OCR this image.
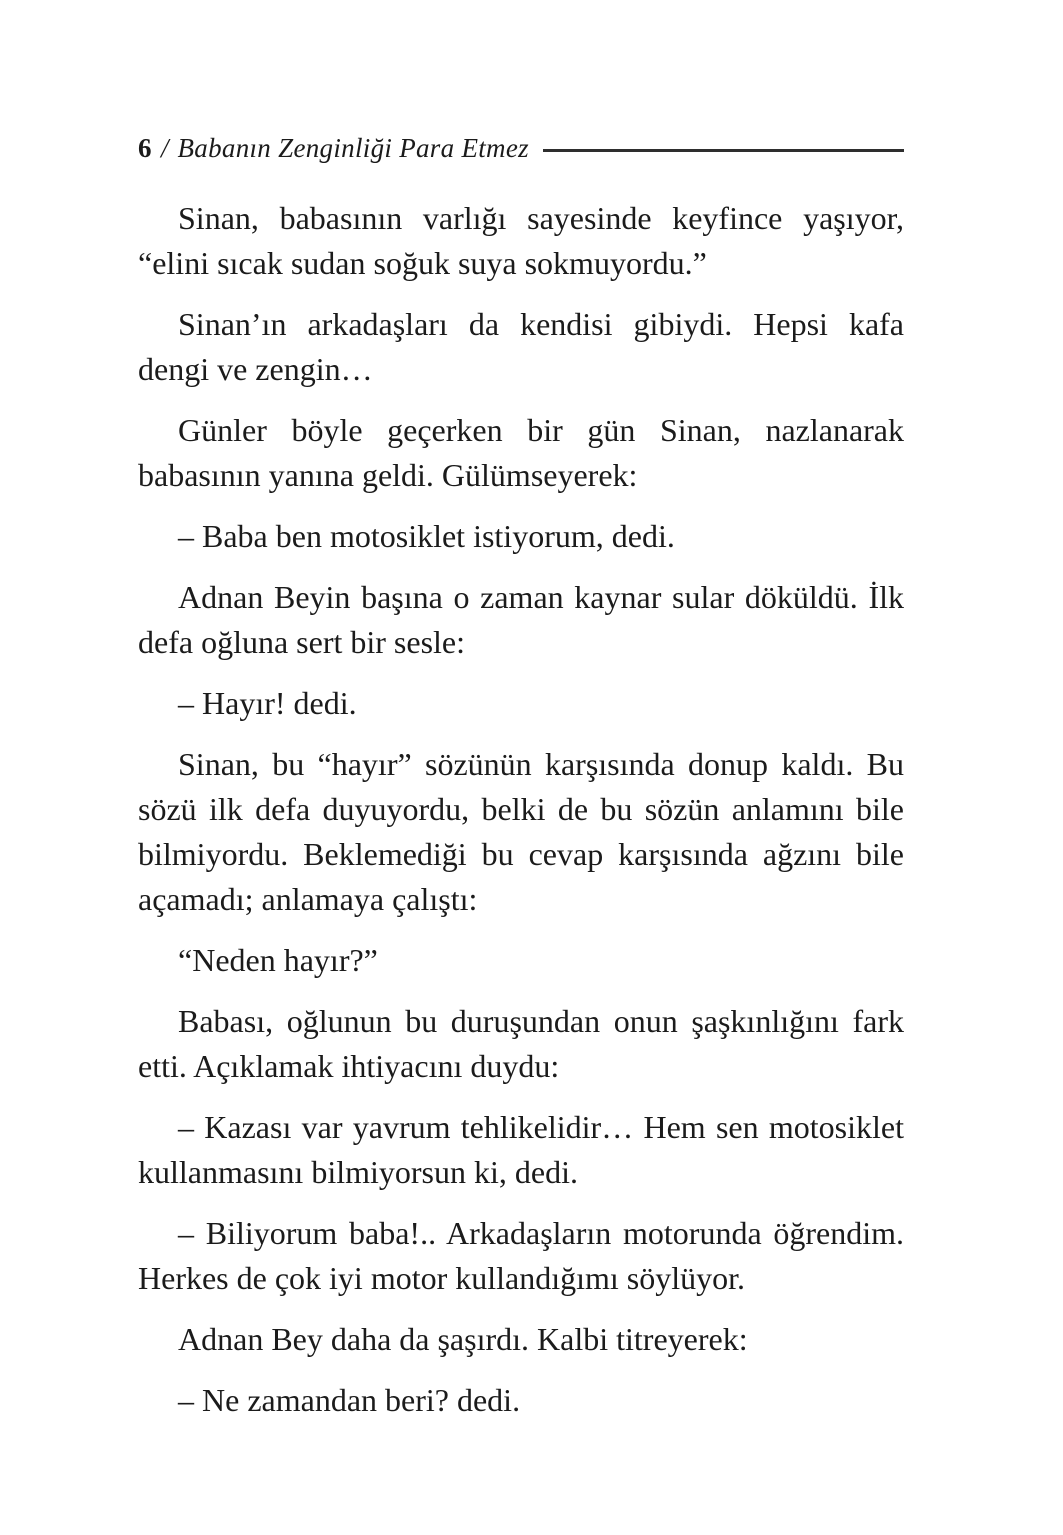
6 / Babanın Zenginliği Para Etmez

Sinan, babasının varlığı sayesinde keyfince yaşıyor, “elini sıcak sudan soğuk suya sokmuyordu.”

Sinan’ın arkadaşları da kendisi gibiydi. Hepsi kafa dengi ve zengin…

Günler böyle geçerken bir gün Sinan, nazlanarak babasının yanına geldi. Gülümseyerek:

– Baba ben motosiklet istiyorum, dedi.

Adnan Beyin başına o zaman kaynar sular döküldü. İlk defa oğluna sert bir sesle:

– Hayır! dedi.

Sinan, bu “hayır” sözünün karşısında donup kaldı. Bu sözü ilk defa duyuyordu, belki de bu sözün anlamını bile bilmiyordu. Beklemediği bu cevap karşısında ağzını bile açamadı; anlamaya çalıştı:

“Neden hayır?”

Babası, oğlunun bu duruşundan onun şaşkınlığını fark etti. Açıklamak ihtiyacını duydu:

– Kazası var yavrum tehlikelidir… Hem sen motosiklet kullanmasını bilmiyorsun ki, dedi.

– Biliyorum baba!.. Arkadaşların motorunda öğrendim. Herkes de çok iyi motor kullandığımı söylüyor.

Adnan Bey daha da şaşırdı. Kalbi titreyerek:

– Ne zamandan beri? dedi.
